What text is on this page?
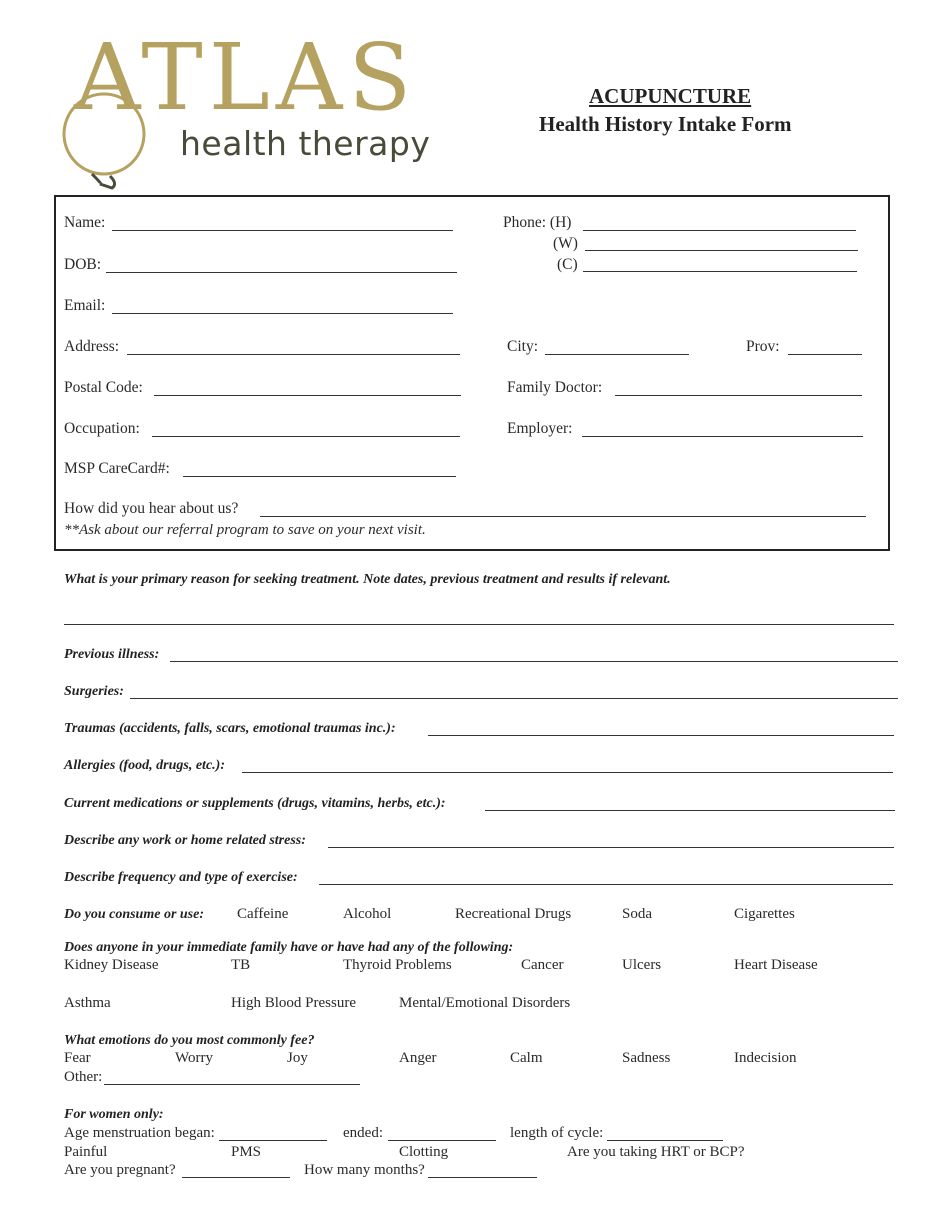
ATLAS
health therapy
ACUPUNCTURE
Health History Intake Form
Name:
DOB:
Email:
Address:
Postal Code:
Occupation:
MSP CareCard#:
How did you hear about us?
**Ask about our referral program to save on your next visit.
Phone: (H)
(W)
(C)
City:	Prov:
Family Doctor:
Employer:
What is your primary reason for seeking treatment. Note dates, previous treatment and results if relevant.
Previous illness:
Surgeries:
Traumas (accidents, falls, scars, emotional traumas inc.):
Allergies (food, drugs, etc.):
Current medications or supplements (drugs, vitamins, herbs, etc.):
Describe any work or home related stress:
Describe frequency and type of exercise:
Do you consume or use: Caffeine	Alcohol	Recreational Drugs	Soda	Cigarettes
Does anyone in your immediate family have or have had any of the following:
Kidney Disease	TB	Thyroid Problems	Cancer	Ulcers	Heart Disease
Asthma	High Blood Pressure	Mental/Emotional Disorders
What emotions do you most commonly fee?
Fear	Worry	Joy	Anger	Calm	Sadness	Indecision
Other:
For women only:
Age menstruation began:	ended:	length of cycle:
Painful	PMS	Clotting	Are you taking HRT or BCP?
Are you pregnant?	How many months?
